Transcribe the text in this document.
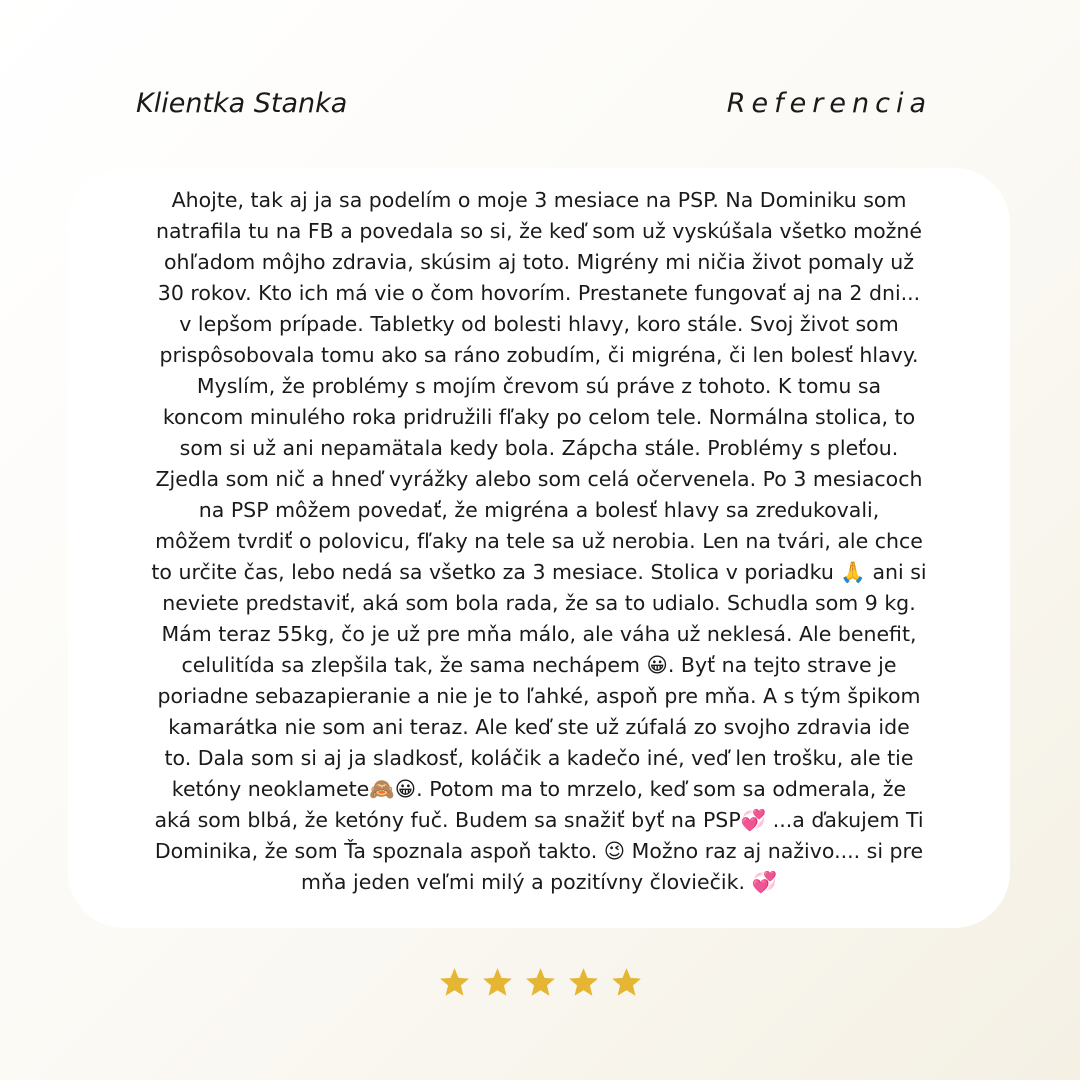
Klientka Stanka	Referencia

Ahojte, tak aj ja sa podelím o moje 3 mesiace na PSP. Na Dominiku som
natrafila tu na FB a povedala so si, že keď som už vyskúšala všetko možné
ohľadom môjho zdravia, skúsim aj toto. Migrény mi ničia život pomaly už
30 rokov. Kto ich má vie o čom hovorím. Prestanete fungovať aj na 2 dni...
v lepšom prípade. Tabletky od bolesti hlavy, koro stále. Svoj život som
prispôsobovala tomu ako sa ráno zobudím, či migréna, či len bolesť hlavy.
Myslím, že problémy s mojím črevom sú práve z tohoto. K tomu sa
koncom minulého roka pridružili fľaky po celom tele. Normálna stolica, to
som si už ani nepamätala kedy bola. Zápcha stále. Problémy s pleťou.
Zjedla som nič a hneď vyrážky alebo som celá očervenela. Po 3 mesiacoch
na PSP môžem povedať, že migréna a bolesť hlavy sa zredukovali,
môžem tvrdiť o polovicu, fľaky na tele sa už nerobia. Len na tvári, ale chce
to určite čas, lebo nedá sa všetko za 3 mesiace. Stolica v poriadku 🙏 ani si
neviete predstaviť, aká som bola rada, že sa to udialo. Schudla som 9 kg.
Mám teraz 55kg, čo je už pre mňa málo, ale váha už neklesá. Ale benefit,
celulitída sa zlepšila tak, že sama nechápem 😀. Byť na tejto strave je
poriadne sebazapieranie a nie je to ľahké, aspoň pre mňa. A s tým špikom
kamarátka nie som ani teraz. Ale keď ste už zúfalá zo svojho zdravia ide
to. Dala som si aj ja sladkosť, koláčik a kadečo iné, veď len trošku, ale tie
ketóny neoklamete🙈😀. Potom ma to mrzelo, keď som sa odmerala, že
aká som blbá, že ketóny fuč. Budem sa snažiť byť na PSP💞 ...a ďakujem Ti
Dominika, že som Ťa spoznala aspoň takto. 😉 Možno raz aj naživo.... si pre
mňa jeden veľmi milý a pozitívny človiečik. 💞
